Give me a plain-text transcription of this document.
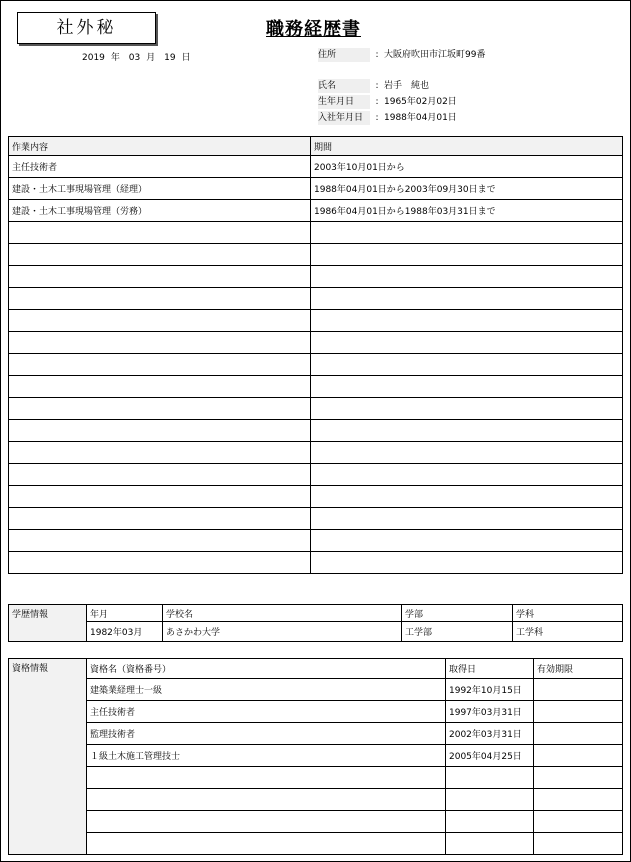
社外秘	職務経歴書
2019 年 03 月 19 日	住所	: 大阪府吹田市江坂町99番
氏名	: 岩手　純也
生年月日 : 1965年02月02日
入社年月日 : 1988年04月01日
作業内容	期間
主任技術者	2003年10月01日から
建設・土木工事現場管理（経理）	1988年04月01日から2003年09月30日まで
建設・土木工事現場管理（労務）	1986年04月01日から1988年03月31日まで

学歴情報	年月	学校名	学部	学科
	1982年03月	あさかわ大学	工学部	工学科
資格情報	資格名（資格番号）	取得日	有効期限
	建築業経理士一級	1992年10月15日	
	主任技術者	1997年03月31日	
	監理技術者	2002年03月31日	
	１級土木施工管理技士	2005年04月25日	
